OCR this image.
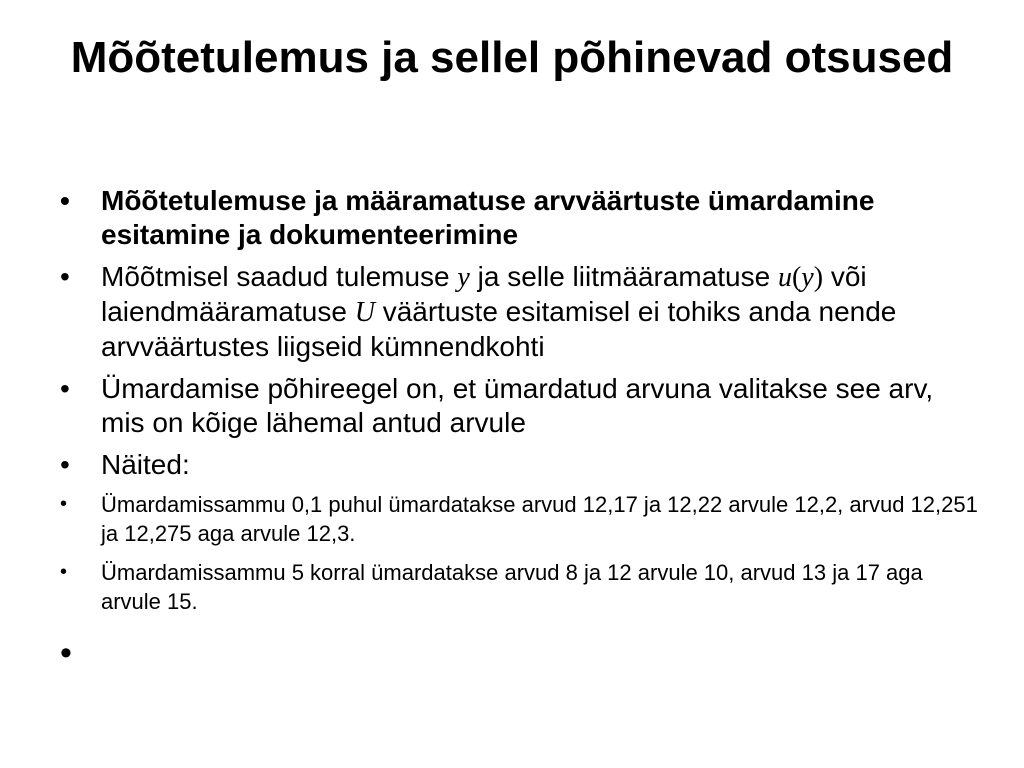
Mõõtetulemus ja sellel põhinevad otsused
• Mõõtetulemuse ja määramatuse arvväärtuste ümardamine esitamine ja dokumenteerimine
• Mõõtmisel saadud tulemuse y ja selle liitmääramatuse u(y) või laiendmääramatuse U väärtuste esitamisel ei tohiks anda nende arvväärtustes liigseid kümnendkohti
• Ümardamise põhireegel on, et ümardatud arvuna valitakse see arv, mis on kõige lähemal antud arvule
• Näited:
• Ümardamissammu 0,1 puhul ümardatakse arvud 12,17 ja 12,22 arvule 12,2, arvud 12,251 ja 12,275 aga arvule 12,3.
• Ümardamissammu 5 korral ümardatakse arvud 8 ja 12 arvule 10, arvud 13 ja 17 aga arvule 15.
•
